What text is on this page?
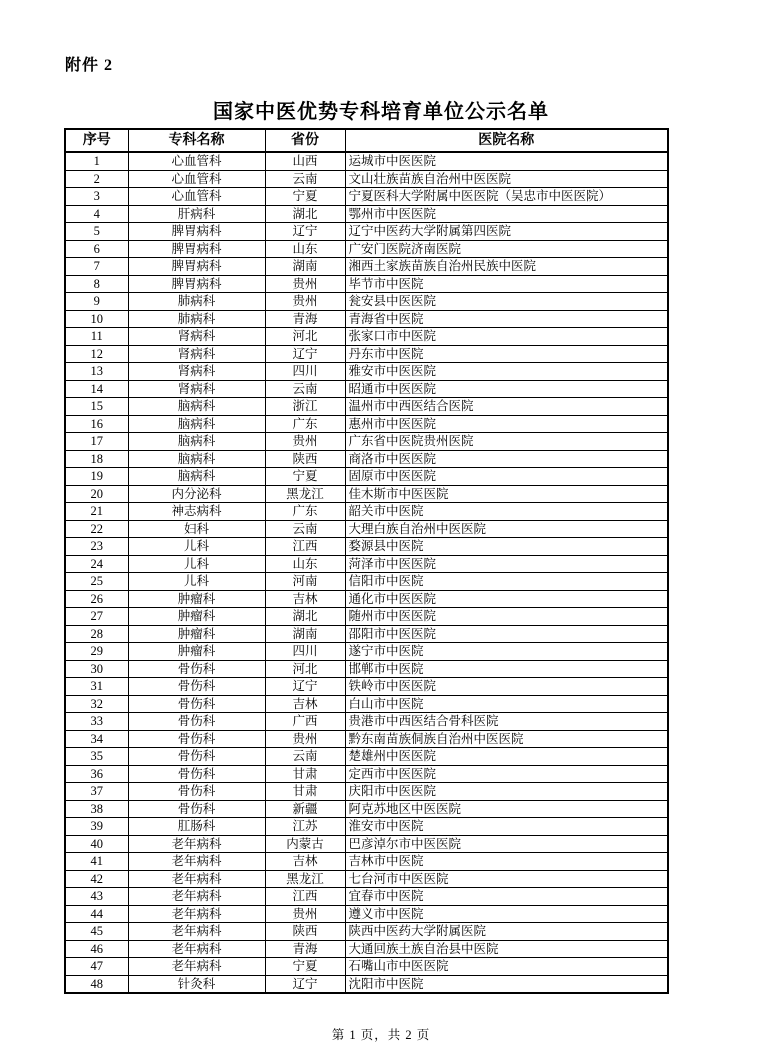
附件 2
国家中医优势专科培育单位公示名单
序号	专科名称	省份	医院名称
1	心血管科	山西	运城市中医医院
2	心血管科	云南	文山壮族苗族自治州中医医院
3	心血管科	宁夏	宁夏医科大学附属中医医院（吴忠市中医医院）
4	肝病科	湖北	鄂州市中医医院
5	脾胃病科	辽宁	辽宁中医药大学附属第四医院
6	脾胃病科	山东	广安门医院济南医院
7	脾胃病科	湖南	湘西土家族苗族自治州民族中医院
8	脾胃病科	贵州	毕节市中医院
9	肺病科	贵州	瓮安县中医医院
10	肺病科	青海	青海省中医院
11	肾病科	河北	张家口市中医院
12	肾病科	辽宁	丹东市中医院
13	肾病科	四川	雅安市中医医院
14	肾病科	云南	昭通市中医医院
15	脑病科	浙江	温州市中西医结合医院
16	脑病科	广东	惠州市中医医院
17	脑病科	贵州	广东省中医院贵州医院
18	脑病科	陕西	商洛市中医医院
19	脑病科	宁夏	固原市中医医院
20	内分泌科	黑龙江	佳木斯市中医医院
21	神志病科	广东	韶关市中医院
22	妇科	云南	大理白族自治州中医医院
23	儿科	江西	婺源县中医院
24	儿科	山东	菏泽市中医医院
25	儿科	河南	信阳市中医院
26	肿瘤科	吉林	通化市中医医院
27	肿瘤科	湖北	随州市中医医院
28	肿瘤科	湖南	邵阳市中医医院
29	肿瘤科	四川	遂宁市中医院
30	骨伤科	河北	邯郸市中医院
31	骨伤科	辽宁	铁岭市中医医院
32	骨伤科	吉林	白山市中医院
33	骨伤科	广西	贵港市中西医结合骨科医院
34	骨伤科	贵州	黔东南苗族侗族自治州中医医院
35	骨伤科	云南	楚雄州中医医院
36	骨伤科	甘肃	定西市中医医院
37	骨伤科	甘肃	庆阳市中医医院
38	骨伤科	新疆	阿克苏地区中医医院
39	肛肠科	江苏	淮安市中医院
40	老年病科	内蒙古	巴彦淖尔市中医医院
41	老年病科	吉林	吉林市中医院
42	老年病科	黑龙江	七台河市中医医院
43	老年病科	江西	宜春市中医院
44	老年病科	贵州	遵义市中医院
45	老年病科	陕西	陕西中医药大学附属医院
46	老年病科	青海	大通回族土族自治县中医院
47	老年病科	宁夏	石嘴山市中医医院
48	针灸科	辽宁	沈阳市中医院
第 1 页，共 2 页
